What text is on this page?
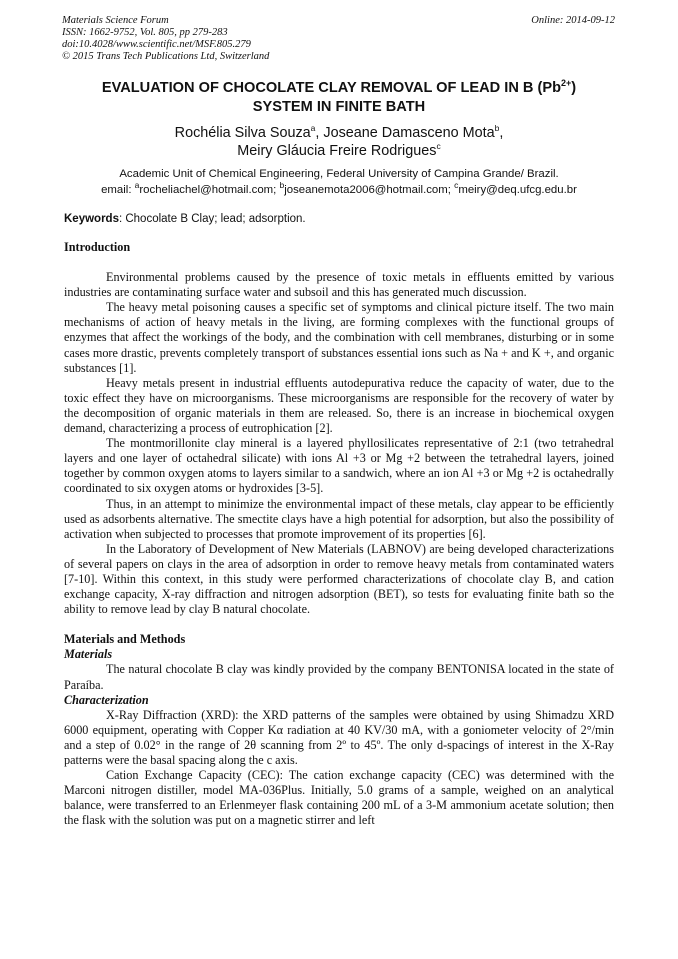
Materials Science Forum
ISSN: 1662-9752, Vol. 805, pp 279-283
doi:10.4028/www.scientific.net/MSF.805.279
© 2015 Trans Tech Publications Ltd, Switzerland
Online: 2014-09-12
EVALUATION OF CHOCOLATE CLAY REMOVAL OF LEAD IN B $(Pb^{2+})$
SYSTEM IN FINITE BATH
Rochélia Silva Souza$^a$, Joseane Damasceno Mota$^b$,
Meiry Gláucia Freire Rodrigues$^c$
Academic Unit of Chemical Engineering, Federal University of Campina Grande/ Brazil.
email: $^a$rocheliachel@hotmail.com; $^b$joseanemota2006@hotmail.com; $^c$meiry@deq.ufcg.edu.br
Keywords: Chocolate B Clay; lead; adsorption.
Introduction

Environmental problems caused by the presence of toxic metals in effluents emitted by various industries are contaminating surface water and subsoil and this has generated much discussion.

The heavy metal poisoning causes a specific set of symptoms and clinical picture itself. The two main mechanisms of action of heavy metals in the living, are forming complexes with the functional groups of enzymes that affect the workings of the body, and the combination with cell membranes, disturbing or in some cases more drastic, prevents completely transport of substances essential ions such as Na + and K +, and organic substances [1].

Heavy metals present in industrial effluents autodepurativa reduce the capacity of water, due to the toxic effect they have on microorganisms. These microorganisms are responsible for the recovery of water by the decomposition of organic materials in them are released. So, there is an increase in biochemical oxygen demand, characterizing a process of eutrophication [2].

The montmorillonite clay mineral is a layered phyllosilicates representative of 2:1 (two tetrahedral layers and one layer of octahedral silicate) with ions Al +3 or Mg +2 between the tetrahedral layers, joined together by common oxygen atoms to layers similar to a sandwich, where an ion Al +3 or Mg +2 is octahedrally coordinated to six oxygen atoms or hydroxides [3-5].

Thus, in an attempt to minimize the environmental impact of these metals, clay appear to be efficiently used as adsorbents alternative. The smectite clays have a high potential for adsorption, but also the possibility of activation when subjected to processes that promote improvement of its properties [6].

In the Laboratory of Development of New Materials (LABNOV) are being developed characterizations of several papers on clays in the area of adsorption in order to remove heavy metals from contaminated waters [7-10]. Within this context, in this study were performed characterizations of chocolate clay B, and cation exchange capacity, X-ray diffraction and nitrogen adsorption (BET), so tests for evaluating finite bath so the ability to remove lead by clay B natural chocolate.

Materials and Methods
Materials

The natural chocolate B clay was kindly provided by the company BENTONISA located in the state of Paraíba.

Characterization

X-Ray Diffraction (XRD): the XRD patterns of the samples were obtained by using Shimadzu XRD 6000 equipment, operating with Copper Kα radiation at 40 KV/30 mA, with a goniometer velocity of 2°/min and a step of 0.02° in the range of 2θ scanning from 2º to 45º. The only d-spacings of interest in the X-Ray patterns were the basal spacing along the c axis.

Cation Exchange Capacity (CEC): The cation exchange capacity (CEC) was determined with the Marconi nitrogen distiller, model MA-036Plus. Initially, 5.0 grams of a sample, weighed on an analytical balance, were transferred to an Erlenmeyer flask containing 200 mL of a 3-M ammonium acetate solution; then the flask with the solution was put on a magnetic stirrer and left
